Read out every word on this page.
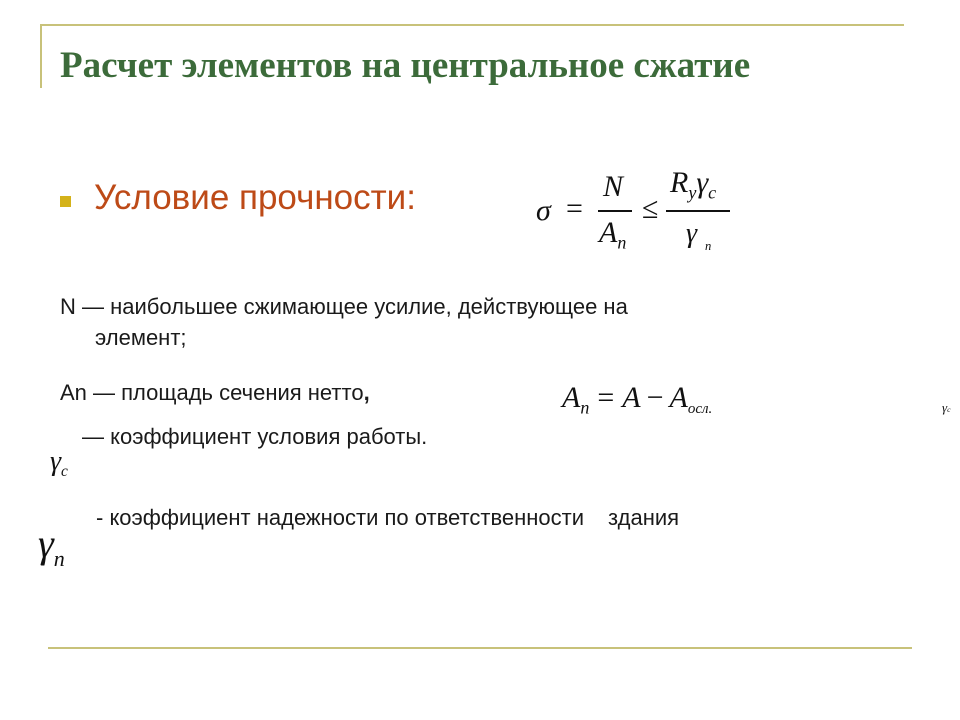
Расчет элементов на центральное сжатие
Условие прочности:	σ =
N
$A_n$
≤
$R_y\gamma_c$
γ $_n$
N — наибольшее сжимающее усилие, действующее на
элемент;
An — площадь сечения нетто,	$A_n = A - A_{осл.}$	γc
— коэффициент условия работы.
$\gamma_c$
- коэффициент надежности по ответственности здания
$\gamma_n$
